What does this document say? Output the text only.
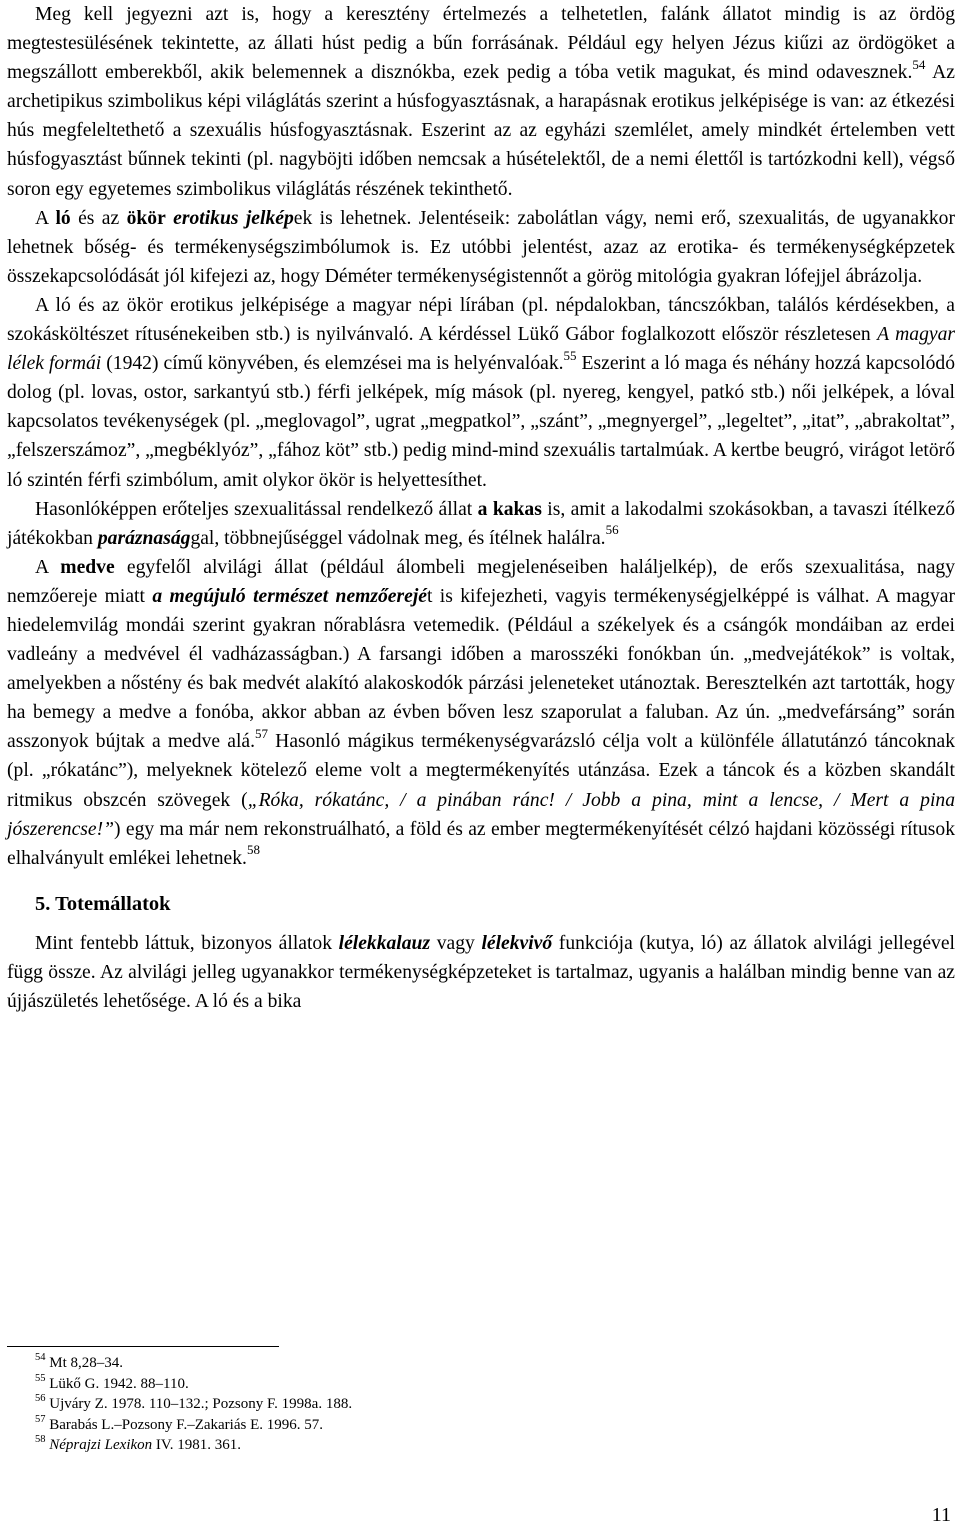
Meg kell jegyezni azt is, hogy a keresztény értelmezés a telhetetlen, falánk állatot mindig is az ördög megtestesülésének tekintette, az állati húst pedig a bűn forrásának. Például egy helyen Jézus kiűzi az ördögöket a megszállott emberekből, akik belemennek a disznókba, ezek pedig a tóba vetik magukat, és mind odavesznek.$^{54}$ Az archetipikus szimbolikus képi világlátás szerint a húsfogyasztásnak, a harapásnak erotikus jelképisége is van: az étkezési hús megfeleltethető a szexuális húsfogyasztásnak. Eszerint az az egyházi szemlélet, amely mindkét értelemben vett húsfogyasztást bűnnek tekinti (pl. nagyböjti időben nemcsak a húsételektől, de a nemi élettől is tartózkodni kell), végső soron egy egyetemes szimbolikus világlátás részének tekinthető.

A ló és az ökör erotikus jelképek is lehetnek. Jelentéseik: zabolátlan vágy, nemi erő, szexualitás, de ugyanakkor lehetnek bőség- és termékenységszimbólumok is. Ez utóbbi jelentést, azaz az erotika- és termékenységképzetek összekapcsolódását jól kifejezi az, hogy Déméter termékenységistennőt a görög mitológia gyakran lófejjel ábrázolja.

A ló és az ökör erotikus jelképisége a magyar népi lírában (pl. népdalokban, táncszókban, találós kérdésekben, a szokásköltészet rítusénekeiben stb.) is nyilvánvaló. A kérdéssel Lükő Gábor foglalkozott először részletesen A magyar lélek formái (1942) című könyvében, és elemzései ma is helyénvalóak.$^{55}$ Eszerint a ló maga és néhány hozzá kapcsolódó dolog (pl. lovas, ostor, sarkantyú stb.) férfi jelképek, míg mások (pl. nyereg, kengyel, patkó stb.) női jelképek, a lóval kapcsolatos tevékenységek (pl. „meglovagol”, ugrat „megpatkol”, „szánt”, „megnyergel”, „legeltet”, „itat”, „abrakoltat”, „felszerszámoz”, „megbéklyóz”, „fához köt” stb.) pedig mind-mind szexuális tartalmúak. A kertbe beugró, virágot letörő ló szintén férfi szimbólum, amit olykor ökör is helyettesíthet.

Hasonlóképpen erőteljes szexualitással rendelkező állat a kakas is, amit a lakodalmi szokásokban, a tavaszi ítélkező játékokban paráznasággal, többnejűséggel vádolnak meg, és ítélnek halálra.$^{56}$

A medve egyfelől alvilági állat (például álombeli megjelenéseiben haláljelkép), de erős szexualitása, nagy nemzőereje miatt a megújuló természet nemzőerejét is kifejezheti, vagyis termékenységjelképpé is válhat. A magyar hiedelemvilág mondái szerint gyakran nőrablásra vetemedik. (Például a székelyek és a csángók mondáiban az erdei vadleány a medvével él vadházasságban.) A farsangi időben a marosszéki fonókban ún. „medvejátékok” is voltak, amelyekben a nőstény és bak medvét alakító alakoskodók párzási jeleneteket utánoztak. Beresztelkén azt tartották, hogy ha bemegy a medve a fonóba, akkor abban az évben bőven lesz szaporulat a faluban. Az ún. „medvefársáng” során asszonyok bújtak a medve alá.$^{57}$ Hasonló mágikus termékenységvarázsló célja volt a különféle állatutánzó táncoknak (pl. „rókatánc”), melyeknek kötelező eleme volt a megtermékenyítés utánzása. Ezek a táncok és a közben skandált ritmikus obszcén szövegek („Róka, rókatánc, / a pinában ránc! / Jobb a pina, mint a lencse, / Mert a pina jószerencse!”) egy ma már nem rekonstruálható, a föld és az ember megtermékenyítését célzó hajdani közösségi rítusok elhalványult emlékei lehetnek.$^{58}$

5. Totemállatok

Mint fentebb láttuk, bizonyos állatok lélekkalauz vagy lélekvivő funkciója (kutya, ló) az állatok alvilági jellegével függ össze. Az alvilági jelleg ugyanakkor termékenységképzeteket is tartalmaz, ugyanis a halálban mindig benne van az újjászületés lehetősége. A ló és a bika

$^{54}$ Mt 8,28–34.
$^{55}$ Lükő G. 1942. 88–110.
$^{56}$ Ujváry Z. 1978. 110–132.; Pozsony F. 1998a. 188.
$^{57}$ Barabás L.–Pozsony F.–Zakariás E. 1996. 57.
$^{58}$ Néprajzi Lexikon IV. 1981. 361.
11
